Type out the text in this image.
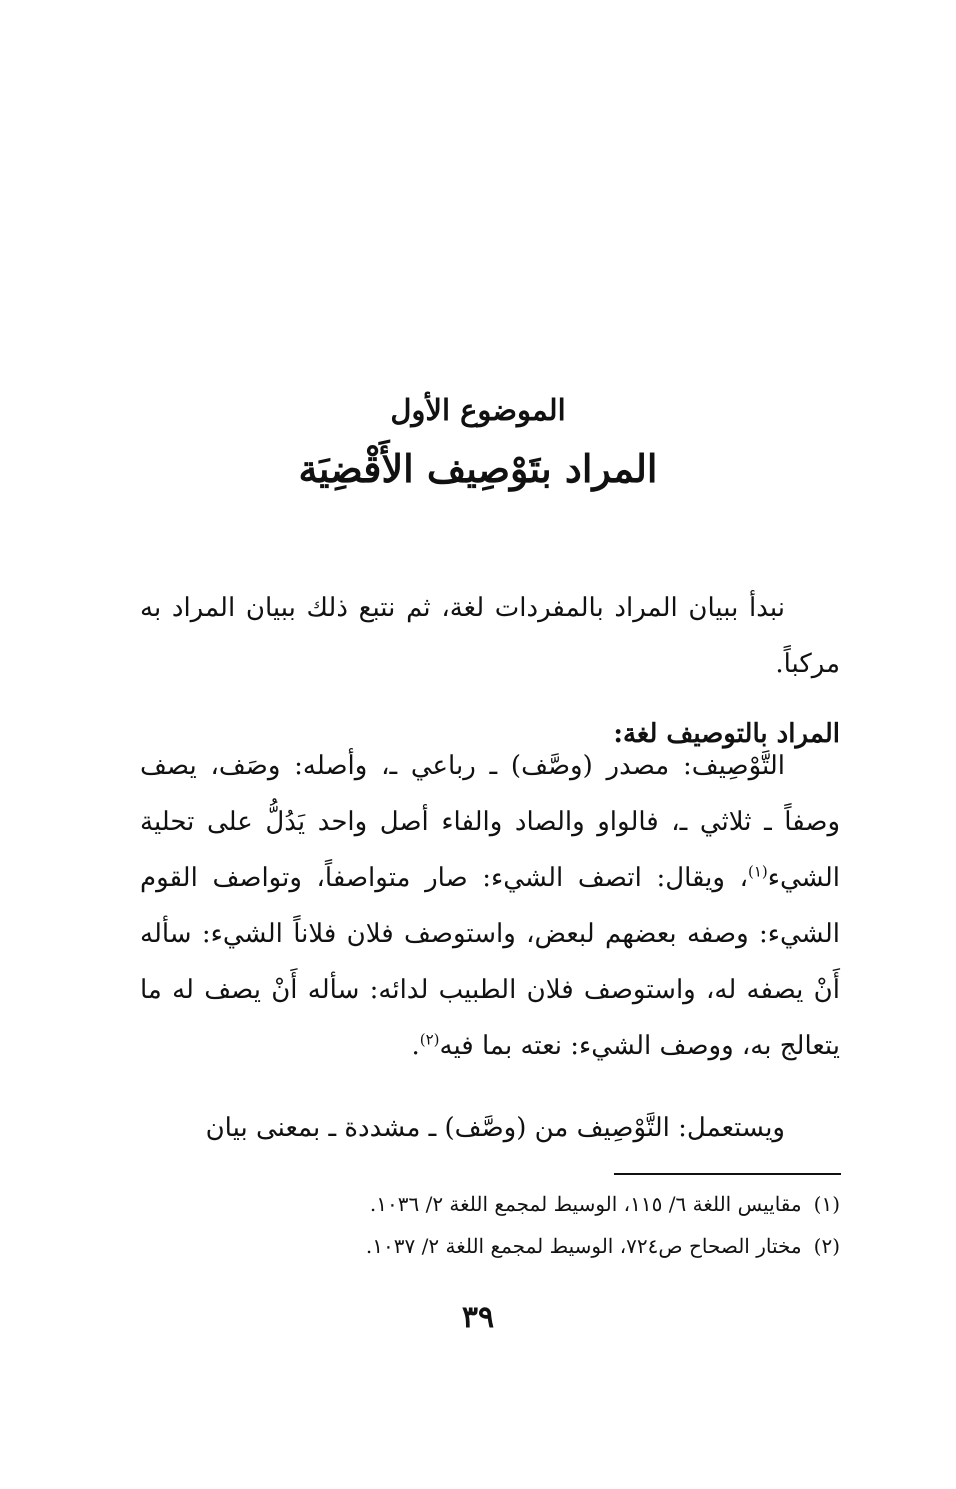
الموضوع الأول
المراد بتَوْصِيف الأَقْضِيَة

نبدأ ببيان المراد بالمفردات لغة، ثم نتبع ذلك ببيان المراد به مركباً.

المراد بالتوصيف لغة:

التَّوْصِيف: مصدر (وصَّف) ـ رباعي ـ، وأصله: وصَف، يصف وصفاً ـ ثلاثي ـ، فالواو والصاد والفاء أصل واحد يَدُلُّ على تحلية الشيء$^{(١)}$، ويقال: اتصف الشيء: صار متواصفاً، وتواصف القوم الشيء: وصفه بعضهم لبعض، واستوصف فلان فلاناً الشيء: سأله أَنْ يصفه له، واستوصف فلان الطبيب لدائه: سأله أَنْ يصف له ما يتعالج به، ووصف الشيء: نعته بما فيه$^{(٢)}$.

ويستعمل: التَّوْصِيف من (وصَّف) ـ مشددة ـ بمعنى بيان

(١)مقاييس اللغة ٦/ ١١٥، الوسيط لمجمع اللغة ٢/ ١٠٣٦.
(٢)مختار الصحاح ص٧٢٤، الوسيط لمجمع اللغة ٢/ ١٠٣٧.
٣٩
